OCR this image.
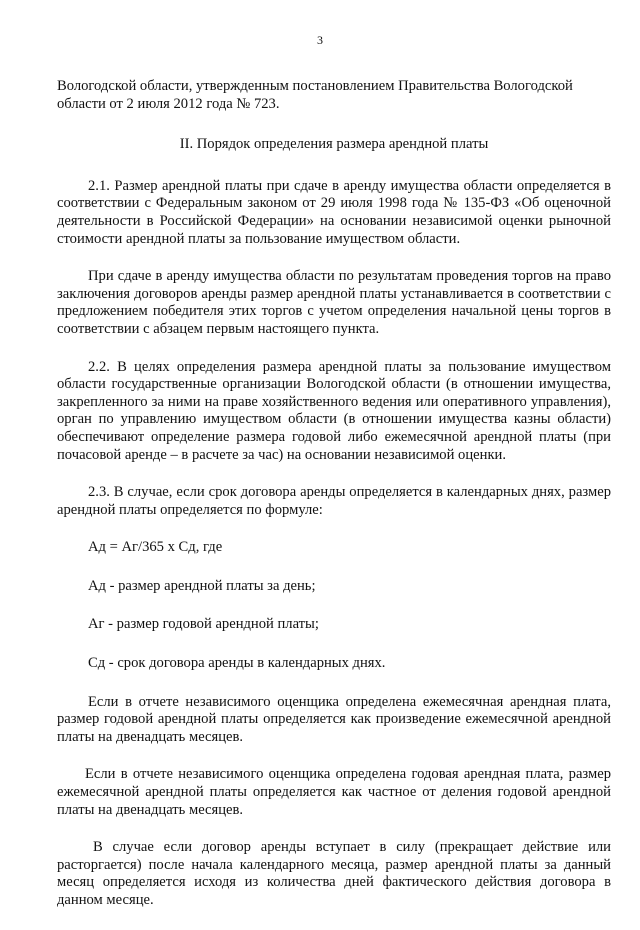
3

Вологодской области, утвержденным постановлением Правительства Вологодской области от 2 июля 2012 года № 723.

II. Порядок определения размера арендной платы

2.1. Размер арендной платы при сдаче в аренду имущества области определяется в соответствии с Федеральным законом от 29 июля 1998 года № 135-ФЗ «Об оценочной деятельности в Российской Федерации» на основании независимой оценки рыночной стоимости арендной платы за пользование имуществом области.

При сдаче в аренду имущества области по результатам проведения торгов на право заключения договоров аренды размер арендной платы устанавливается в соответствии с предложением победителя этих торгов с учетом определения начальной цены торгов в соответствии с абзацем первым настоящего пункта.

2.2. В целях определения размера арендной платы за пользование имуществом области государственные организации Вологодской области (в отношении имущества, закрепленного за ними на праве хозяйственного ведения или оперативного управления), орган по управлению имуществом области (в отношении имущества казны области) обеспечивают определение размера годовой либо ежемесячной арендной платы (при почасовой аренде – в расчете за час) на основании независимой оценки.

2.3. В случае, если срок договора аренды определяется в календарных днях, размер арендной платы определяется по формуле:

Ад = Аг/365 x Сд, где

Ад - размер арендной платы за день;

Аг - размер годовой арендной платы;

Сд - срок договора аренды в календарных днях.

Если в отчете независимого оценщика определена ежемесячная арендная плата, размер годовой арендной платы определяется как произведение ежемесячной арендной платы на двенадцать месяцев.

Если в отчете независимого оценщика определена годовая арендная плата, размер ежемесячной арендной платы определяется как частное от деления годовой арендной платы на двенадцать месяцев.

В случае если договор аренды вступает в силу (прекращает действие или расторгается) после начала календарного месяца, размер арендной платы за данный месяц определяется исходя из количества дней фактического действия договора в данном месяце.
